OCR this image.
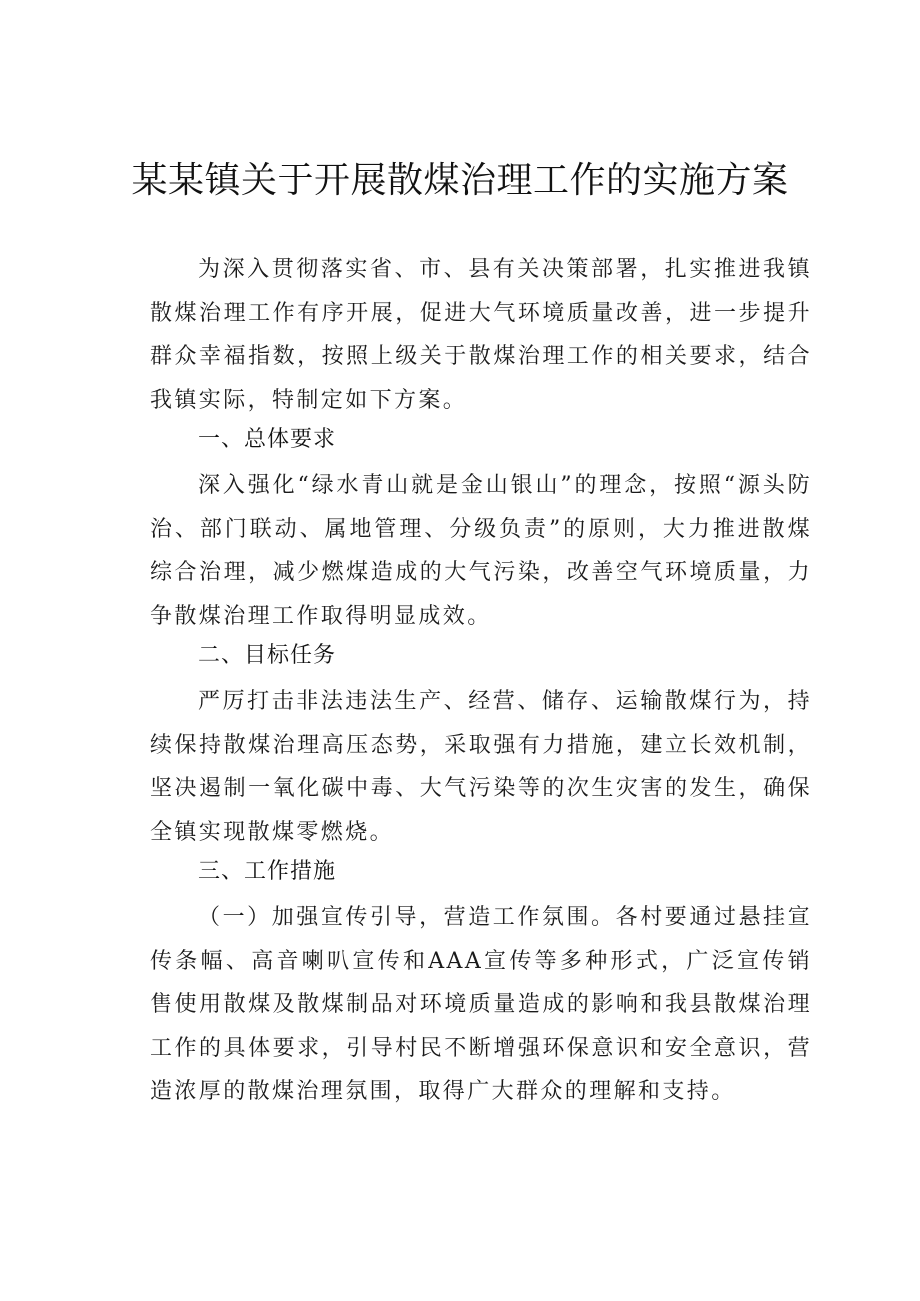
某某镇关于开展散煤治理工作的实施方案

为深入贯彻落实省、市、县有关决策部署，扎实推进我镇散煤治理工作有序开展，促进大气环境质量改善，进一步提升群众幸福指数，按照上级关于散煤治理工作的相关要求，结合我镇实际，特制定如下方案。

一、总体要求

深入强化“绿水青山就是金山银山”的理念，按照“源头防治、部门联动、属地管理、分级负责”的原则，大力推进散煤综合治理，减少燃煤造成的大气污染，改善空气环境质量，力争散煤治理工作取得明显成效。

二、目标任务

严厉打击非法违法生产、经营、储存、运输散煤行为，持续保持散煤治理高压态势，采取强有力措施，建立长效机制，坚决遏制一氧化碳中毒、大气污染等的次生灾害的发生，确保全镇实现散煤零燃烧。

三、工作措施

（一）加强宣传引导，营造工作氛围。各村要通过悬挂宣传条幅、高音喇叭宣传和AAA宣传等多种形式，广泛宣传销售使用散煤及散煤制品对环境质量造成的影响和我县散煤治理工作的具体要求，引导村民不断增强环保意识和安全意识，营造浓厚的散煤治理氛围，取得广大群众的理解和支持。
